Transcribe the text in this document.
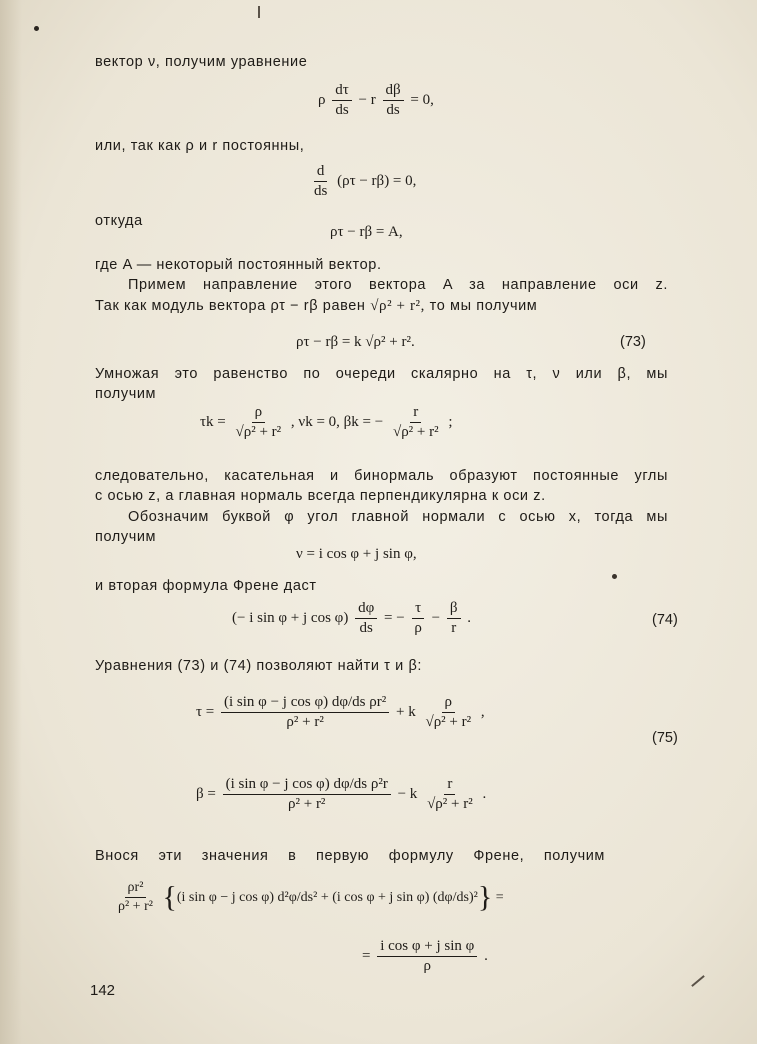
вектор ν, получим уравнение
ρ $\frac{d\tau}{ds} - r \frac{d\beta}{ds} = 0$,
или, так как ρ и r постоянны,
$\frac{d}{ds} (\rho\tau - r\beta) = 0$,
откуда
ρτ − rβ = A,
где A — некоторый постоянный вектор.
Примем направление этого вектора A за направление оси z.
Так как модуль вектора ρτ − rβ равен √ρ² + r², то мы получим
ρτ − rβ = k √ρ² + r².	(73)
Умножая это равенство по очереди скалярно на τ, ν или β, мы
получим
$\tau k = \frac{\rho}{\text{√ρ² + r²}}$ , νk = 0, βk = − $\frac{r}{\text{√ρ² + r²}}$ ;
следовательно, касательная и бинормаль образуют постоянные углы
с осью z, а главная нормаль всегда перпендикулярна к оси z.
Обозначим буквой φ угол главной нормали с осью x, тогда мы
получим
ν = i cos φ + j sin φ,
и вторая формула Френе даст
(− i sin φ + j $\cos \varphi) \frac{d\varphi}{ds}$ = − $\frac{\tau}{\rho} - \frac{\beta}{r}$ .	(74)
Уравнения (73) и (74) позволяют найти τ и β:
$\tau = \frac{\text{(i sin φ − j cos φ) dφ/ds ρr²}}{\text{ρ² + r²}} + k \frac{\rho}{\text{√ρ² + r²}}$ ,
(75)
$\beta = \frac{\text{(i sin φ − j cos φ) dφ/ds ρ²r}}{\text{ρ² + r²}} - k \frac{r}{\text{√ρ² + r²}}$ .
Внося эти значения в первую формулу Френе, получим
$\frac{\text{ρr²}}{\text{ρ² + r²}} \{(i$ sin φ − j cos φ) d²φ/ds² + (i cos φ + j sin φ) (dφ/ds)²} =
= $\frac{\text{i cos φ + j sin φ}}{\rho}$ .
142
